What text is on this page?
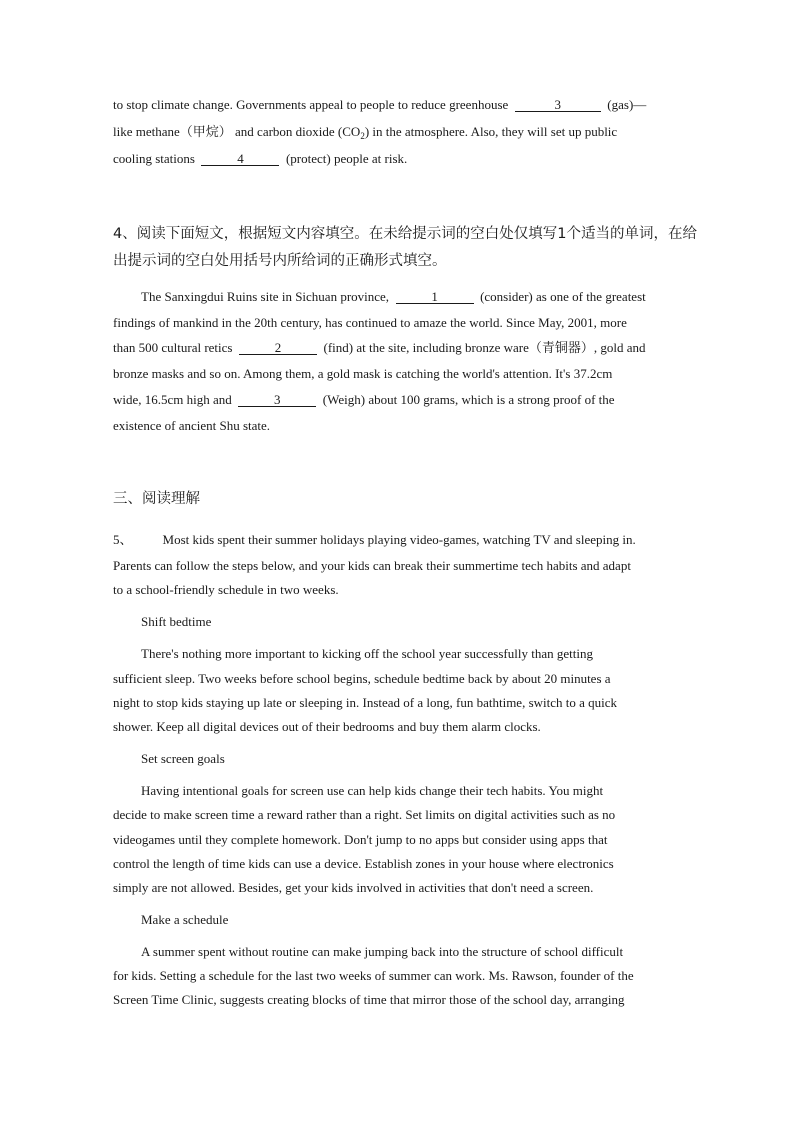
to stop climate change. Governments appeal to people to reduce greenhouse	3	(gas)—
like methane（甲烷） and carbon dioxide $(CO_2)$ in the atmosphere. Also, they will set up public
cooling stations	4	(protect) people at risk.
4、阅读下面短文，根据短文内容填空。在未给提示词的空白处仅填写1个适当的单词，在给
出提示词的空白处用括号内所给词的正确形式填空。
The Sanxingdui Ruins site in Sichuan province,	1	(consider) as one of the greatest
findings of mankind in the 20th century, has continued to amaze the world. Since May, 2001, more
than 500 cultural retics	2	(find) at the site, including bronze ware（青铜器）, gold and
bronze masks and so on. Among them, a gold mask is catching the world's attention. It's 37.2cm
wide, 16.5cm high and	3	(Weigh) about 100 grams, which is a strong proof of the
existence of ancient Shu state.
三、阅读理解
5、 Most kids spent their summer holidays playing video-games, watching TV and sleeping in.
Parents can follow the steps below, and your kids can break their summertime tech habits and adapt
to a school-friendly schedule in two weeks.
Shift bedtime
There's nothing more important to kicking off the school year successfully than getting
sufficient sleep. Two weeks before school begins, schedule bedtime back by about 20 minutes a
night to stop kids staying up late or sleeping in. Instead of a long, fun bathtime, switch to a quick
shower. Keep all digital devices out of their bedrooms and buy them alarm clocks.
Set screen goals
Having intentional goals for screen use can help kids change their tech habits. You might
decide to make screen time a reward rather than a right. Set limits on digital activities such as no
videogames until they complete homework. Don't jump to no apps but consider using apps that
control the length of time kids can use a device. Establish zones in your house where electronics
simply are not allowed. Besides, get your kids involved in activities that don't need a screen.
Make a schedule
A summer spent without routine can make jumping back into the structure of school difficult
for kids. Setting a schedule for the last two weeks of summer can work. Ms. Rawson, founder of the
Screen Time Clinic, suggests creating blocks of time that mirror those of the school day, arranging
